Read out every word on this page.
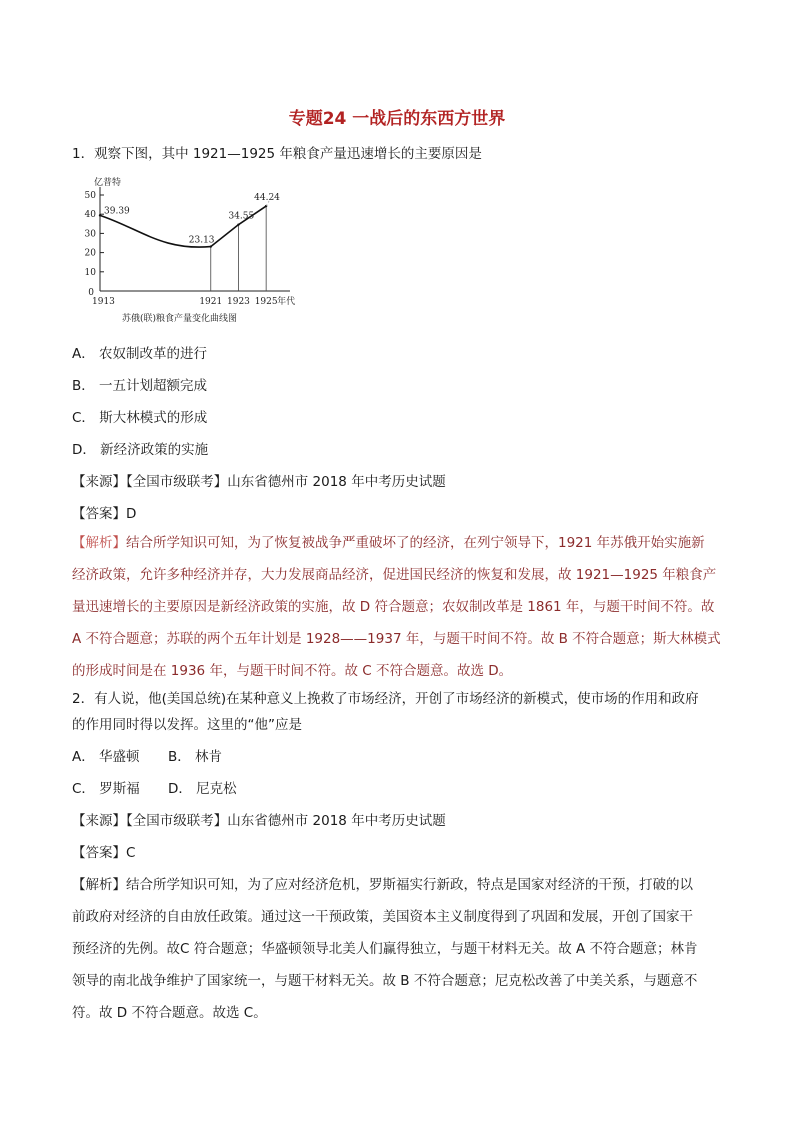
专题24 一战后的东西方世界
1．观察下图，其中 1921—1925 年粮食产量迅速增长的主要原因是
10
20
30
40
50
0
亿普特
1913	1921 1923 1925 年代
39.39
23.13
34.55
44.24
苏俄(联)粮食产量变化曲线图
A． 农奴制改革的进行
B． 一五计划超额完成
C． 斯大林模式的形成
D． 新经济政策的实施
【来源】【全国市级联考】山东省德州市 2018 年中考历史试题
【答案】D
【解析】结合所学知识可知，为了恢复被战争严重破坏了的经济，在列宁领导下，1921 年苏俄开始实施新
经济政策，允许多种经济并存，大力发展商品经济，促进国民经济的恢复和发展，故 1921—1925 年粮食产
量迅速增长的主要原因是新经济政策的实施，故 D 符合题意；农奴制改革是 1861 年，与题干时间不符。故
A 不符合题意；苏联的两个五年计划是 1928——1937 年，与题干时间不符。故 B 不符合题意；斯大林模式
的形成时间是在 1936 年，与题干时间不符。故 C 不符合题意。故选 D。
2．有人说，他(美国总统)在某种意义上挽救了市场经济，开创了市场经济的新模式，使市场的作用和政府
的作用同时得以发挥。这里的“他”应是
A． 华盛顿 B． 林肯
C． 罗斯福 D． 尼克松
【来源】【全国市级联考】山东省德州市 2018 年中考历史试题
【答案】C
【解析】结合所学知识可知，为了应对经济危机，罗斯福实行新政，特点是国家对经济的干预，打破的以
前政府对经济的自由放任政策。通过这一干预政策，美国资本主义制度得到了巩固和发展，开创了国家干
预经济的先例。故C 符合题意；华盛顿领导北美人们赢得独立，与题干材料无关。故 A 不符合题意；林肯
领导的南北战争维护了国家统一，与题干材料无关。故 B 不符合题意；尼克松改善了中美关系，与题意不
符。故 D 不符合题意。故选 C。
